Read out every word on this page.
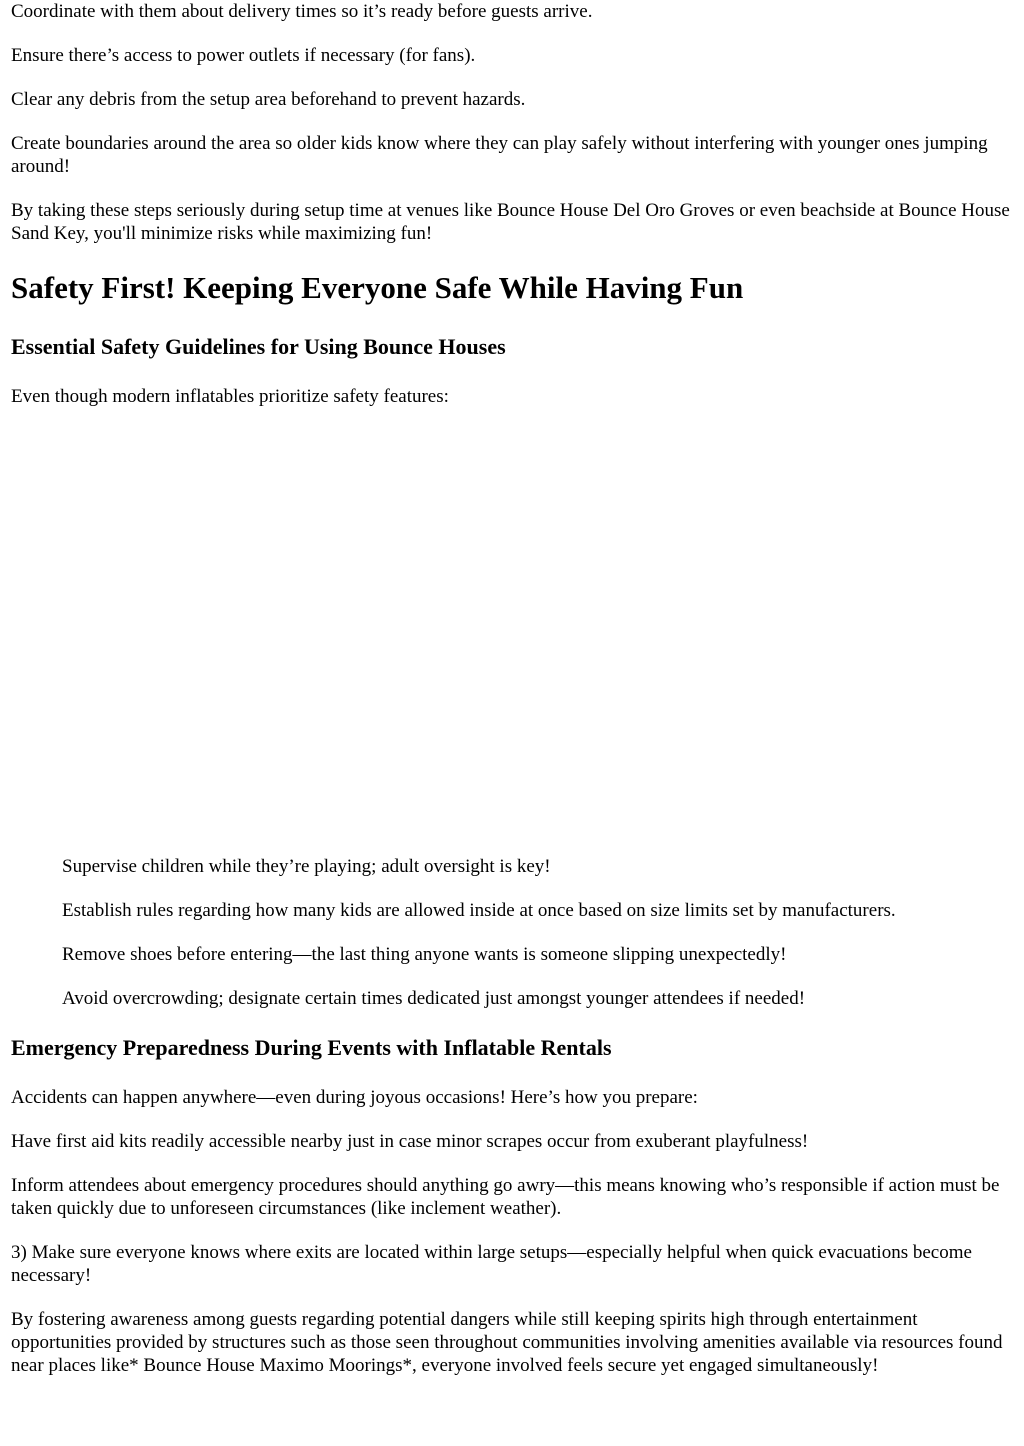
Coordinate with them about delivery times so it’s ready before guests arrive.

Ensure there’s access to power outlets if necessary (for fans).

Clear any debris from the setup area beforehand to prevent hazards.

Create boundaries around the area so older kids know where they can play safely without interfering with younger ones jumping around!

By taking these steps seriously during setup time at venues like Bounce House Del Oro Groves or even beachside at Bounce House Sand Key, you'll minimize risks while maximizing fun!

Safety First! Keeping Everyone Safe While Having Fun
Essential Safety Guidelines for Using Bounce Houses

Even though modern inflatables prioritize safety features:

Supervise children while they’re playing; adult oversight is key!

Establish rules regarding how many kids are allowed inside at once based on size limits set by manufacturers.

Remove shoes before entering—the last thing anyone wants is someone slipping unexpectedly!

Avoid overcrowding; designate certain times dedicated just amongst younger attendees if needed!

Emergency Preparedness During Events with Inflatable Rentals

Accidents can happen anywhere—even during joyous occasions! Here’s how you prepare:

Have first aid kits readily accessible nearby just in case minor scrapes occur from exuberant playfulness!

Inform attendees about emergency procedures should anything go awry—this means knowing who’s responsible if action must be taken quickly due to unforeseen circumstances (like inclement weather).

3) Make sure everyone knows where exits are located within large setups—especially helpful when quick evacuations become necessary!

By fostering awareness among guests regarding potential dangers while still keeping spirits high through entertainment opportunities provided by structures such as those seen throughout communities involving amenities available via resources found near places like* Bounce House Maximo Moorings*, everyone involved feels secure yet engaged simultaneously!
